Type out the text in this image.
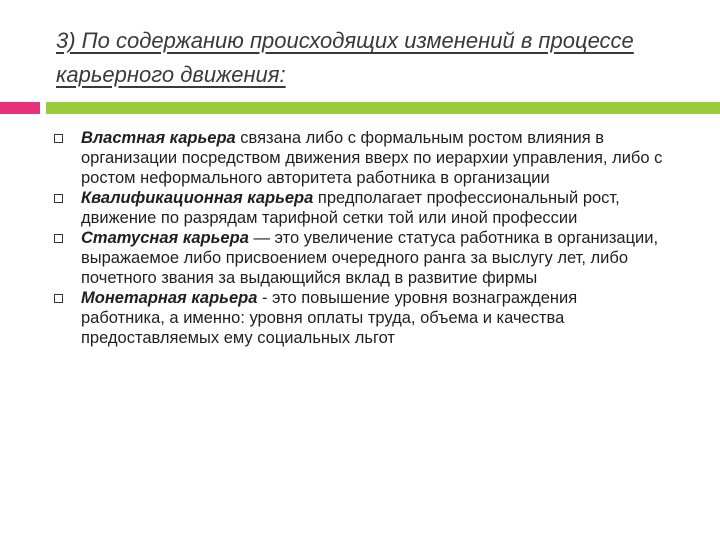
3) По содержанию происходящих изменений в процессе карьерного движения:
Властная карьера связана либо с формальным ростом влияния в организации посредством движения вверх по иерархии управления, либо с ростом неформального авторитета работника в организации
Квалификационная карьера предполагает профессиональный рост, движение по разрядам тарифной сетки той или иной профессии
Статусная карьера — это увеличение статуса работника в организации, выражаемое либо присвоением очередного ранга за выслугу лет, либо почетного звания за выдающийся вклад в развитие фирмы
Монетарная карьера - это повышение уровня вознаграждения работника, а именно: уровня оплаты труда, объема и качества предоставляемых ему социальных льгот
